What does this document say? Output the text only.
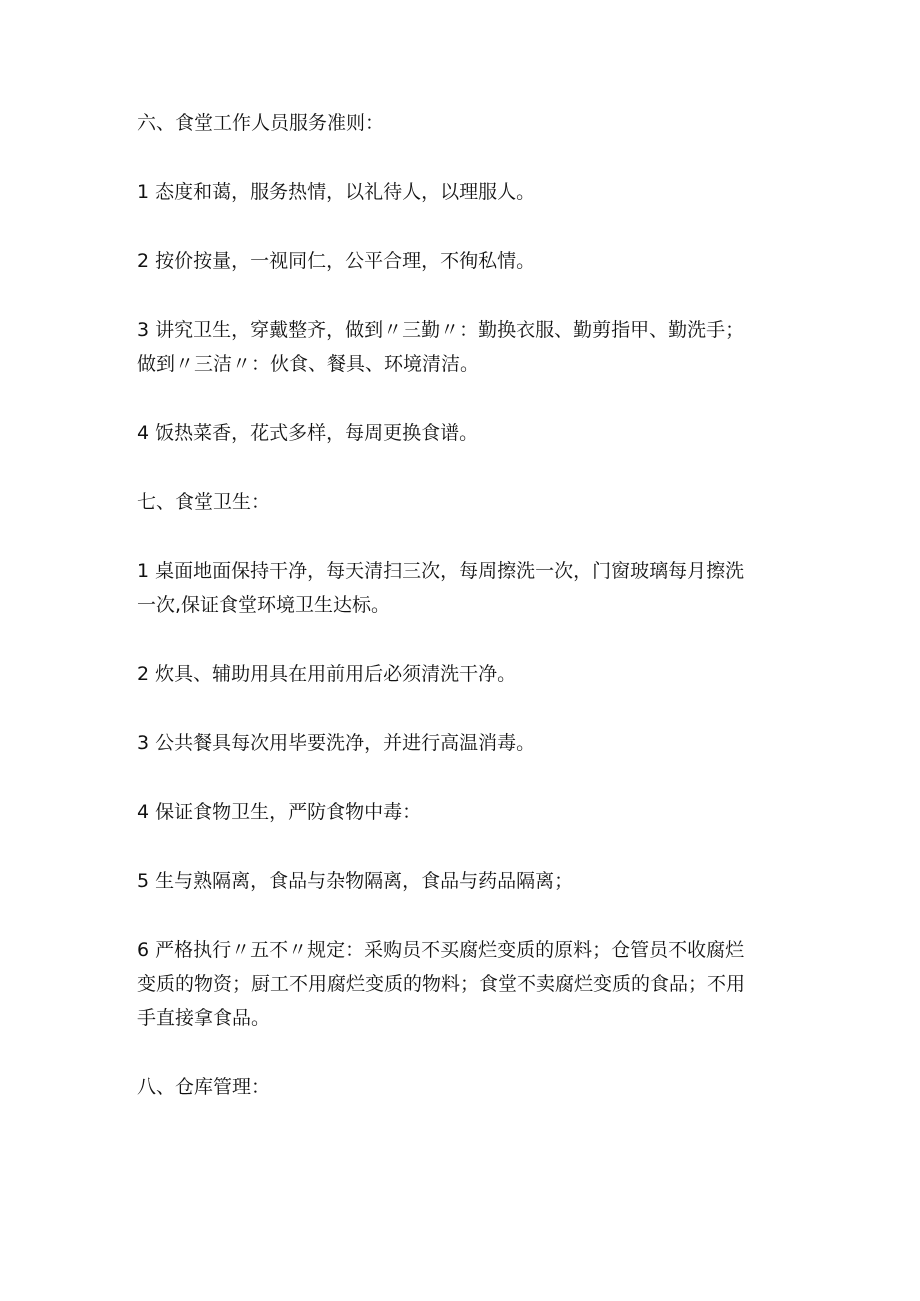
六、食堂工作人员服务准则：

1 态度和蔼，服务热情，以礼待人，以理服人。

2 按价按量，一视同仁，公平合理，不徇私情。

3 讲究卫生，穿戴整齐，做到〃三勤〃：勤换衣服、勤剪指甲、勤洗手；

做到〃三洁〃：伙食、餐具、环境清洁。

4 饭热菜香，花式多样，每周更换食谱。

七、食堂卫生：

1 桌面地面保持干净，每天清扫三次，每周擦洗一次，门窗玻璃每月擦洗

一次,保证食堂环境卫生达标。

2 炊具、辅助用具在用前用后必须清洗干净。

3 公共餐具每次用毕要洗净，并进行高温消毒。

4 保证食物卫生，严防食物中毒：

5 生与熟隔离，食品与杂物隔离，食品与药品隔离；

6 严格执行〃五不〃规定：采购员不买腐烂变质的原料；仓管员不收腐烂

变质的物资；厨工不用腐烂变质的物料；食堂不卖腐烂变质的食品；不用

手直接拿食品。

八、仓库管理：
